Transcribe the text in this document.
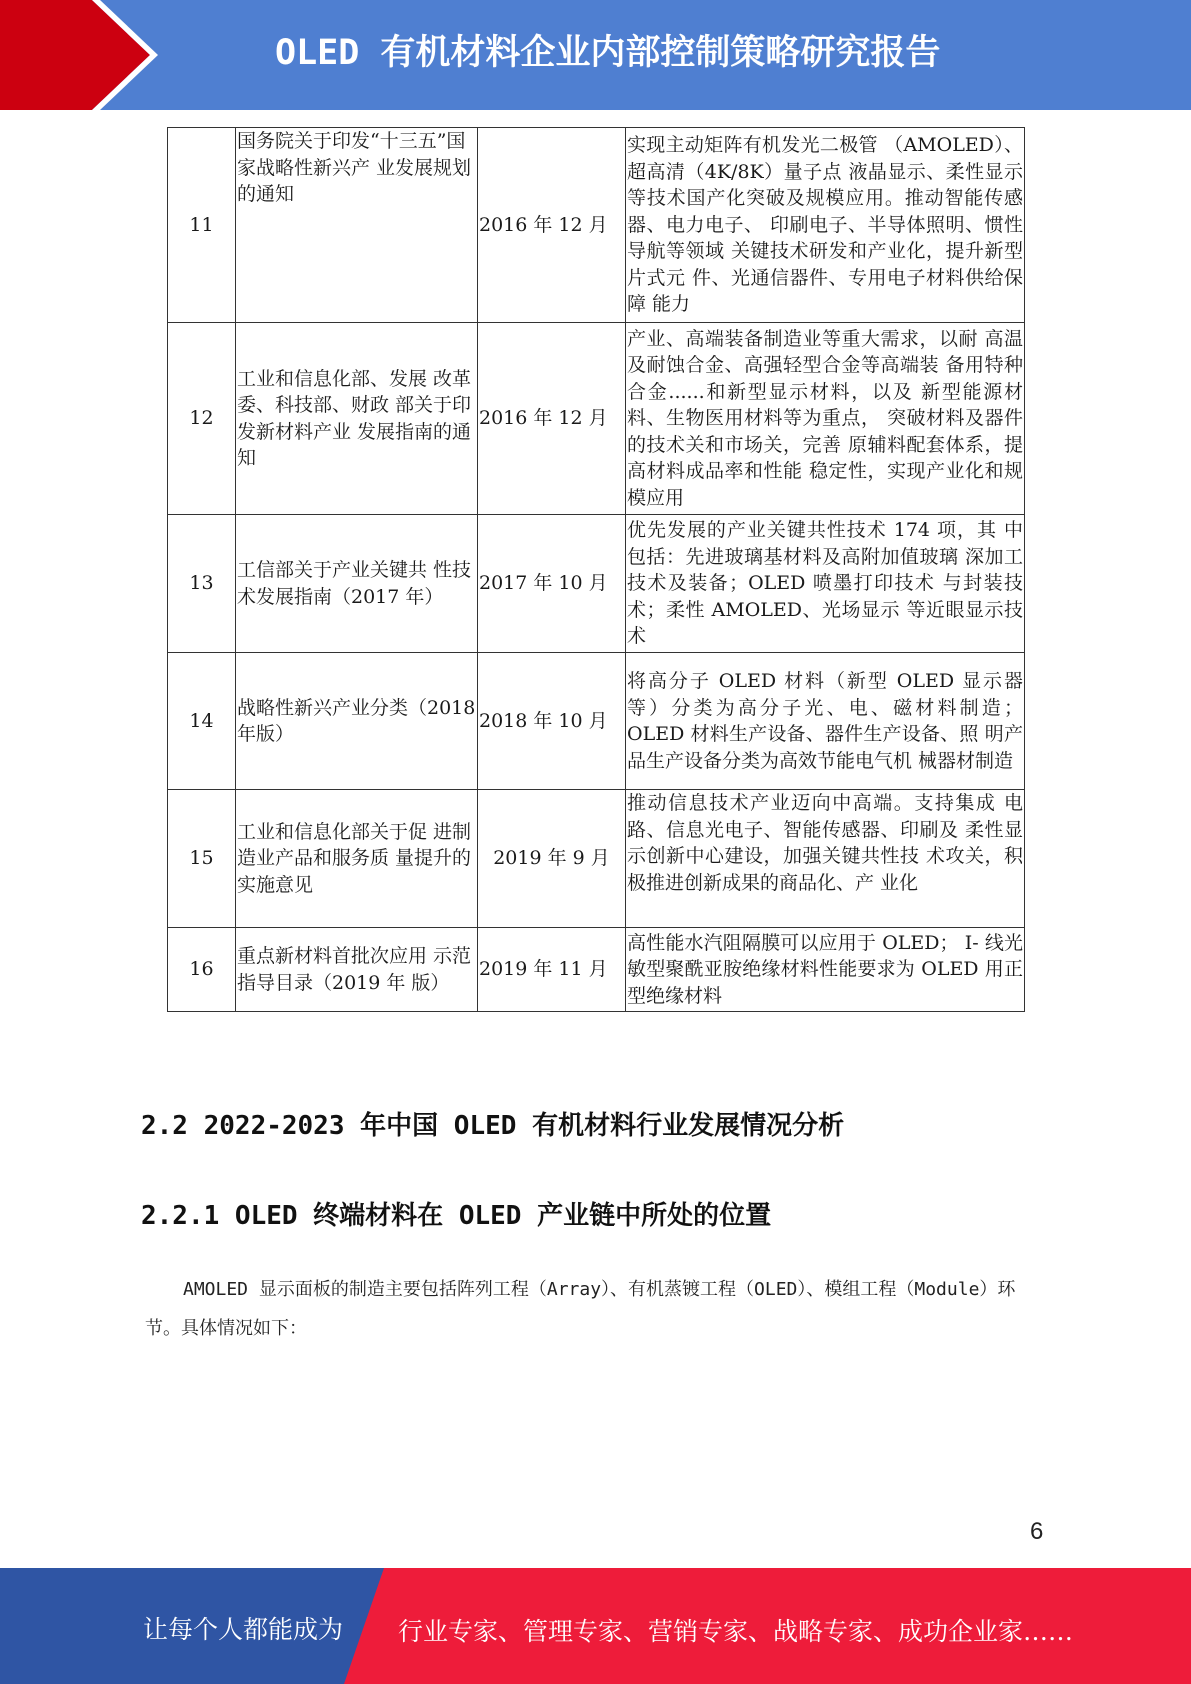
OLED 有机材料企业内部控制策略研究报告
11	国务院关于印发“十三五”国家战略性新兴产 业发展规划的通知	2016 年 12 月	实现主动矩阵有机发光二极管 （AMOLED）、超高清（4K/8K）量子点 液晶显示、柔性显示等技术国产化突破及规模应用。推动智能传感器、电力电子、 印刷电子、半导体照明、惯性导航等领域 关键技术研发和产业化，提升新型片式元 件、光通信器件、专用电子材料供给保障 能力
12	工业和信息化部、发展 改革委、科技部、财政 部关于印发新材料产业 发展指南的通知	2016 年 12 月	产业、高端装备制造业等重大需求，以耐 高温及耐蚀合金、高强轻型合金等高端装 备用特种合金......和新型显示材料，以及 新型能源材料、生物医用材料等为重点， 突破材料及器件的技术关和市场关，完善 原辅料配套体系，提高材料成品率和性能 稳定性，实现产业化和规模应用
13	工信部关于产业关键共 性技术发展指南（2017 年）	2017 年 10 月	优先发展的产业关键共性技术 174 项，其 中包括：先进玻璃基材料及高附加值玻璃 深加工技术及装备；OLED 喷墨打印技术 与封装技术；柔性 AMOLED、光场显示 等近眼显示技术
14	战略性新兴产业分类（2018 年版）	2018 年 10 月	将高分子 OLED 材料（新型 OLED 显示器 等）分类为高分子光、电、磁材料制造； OLED 材料生产设备、器件生产设备、照 明产品生产设备分类为高效节能电气机 械器材制造
15	工业和信息化部关于促 进制造业产品和服务质 量提升的实施意见	2019 年 9 月	推动信息技术产业迈向中高端。支持集成 电路、信息光电子、智能传感器、印刷及 柔性显示创新中心建设，加强关键共性技 术攻关，积极推进创新成果的商品化、产 业化
16	重点新材料首批次应用 示范指导目录（2019 年 版）	2019 年 11 月	高性能水汽阻隔膜可以应用于 OLED； I- 线光敏型聚酰亚胺绝缘材料性能要求为 OLED 用正型绝缘材料
2.2 2022-2023 年中国 OLED 有机材料行业发展情况分析
2.2.1 OLED 终端材料在 OLED 产业链中所处的位置
AMOLED 显示面板的制造主要包括阵列工程（Array）、有机蒸镀工程（OLED）、模组工程（Module）环节。具体情况如下：
6
让每个人都能成为 行业专家、管理专家、营销专家、战略专家、成功企业家……
